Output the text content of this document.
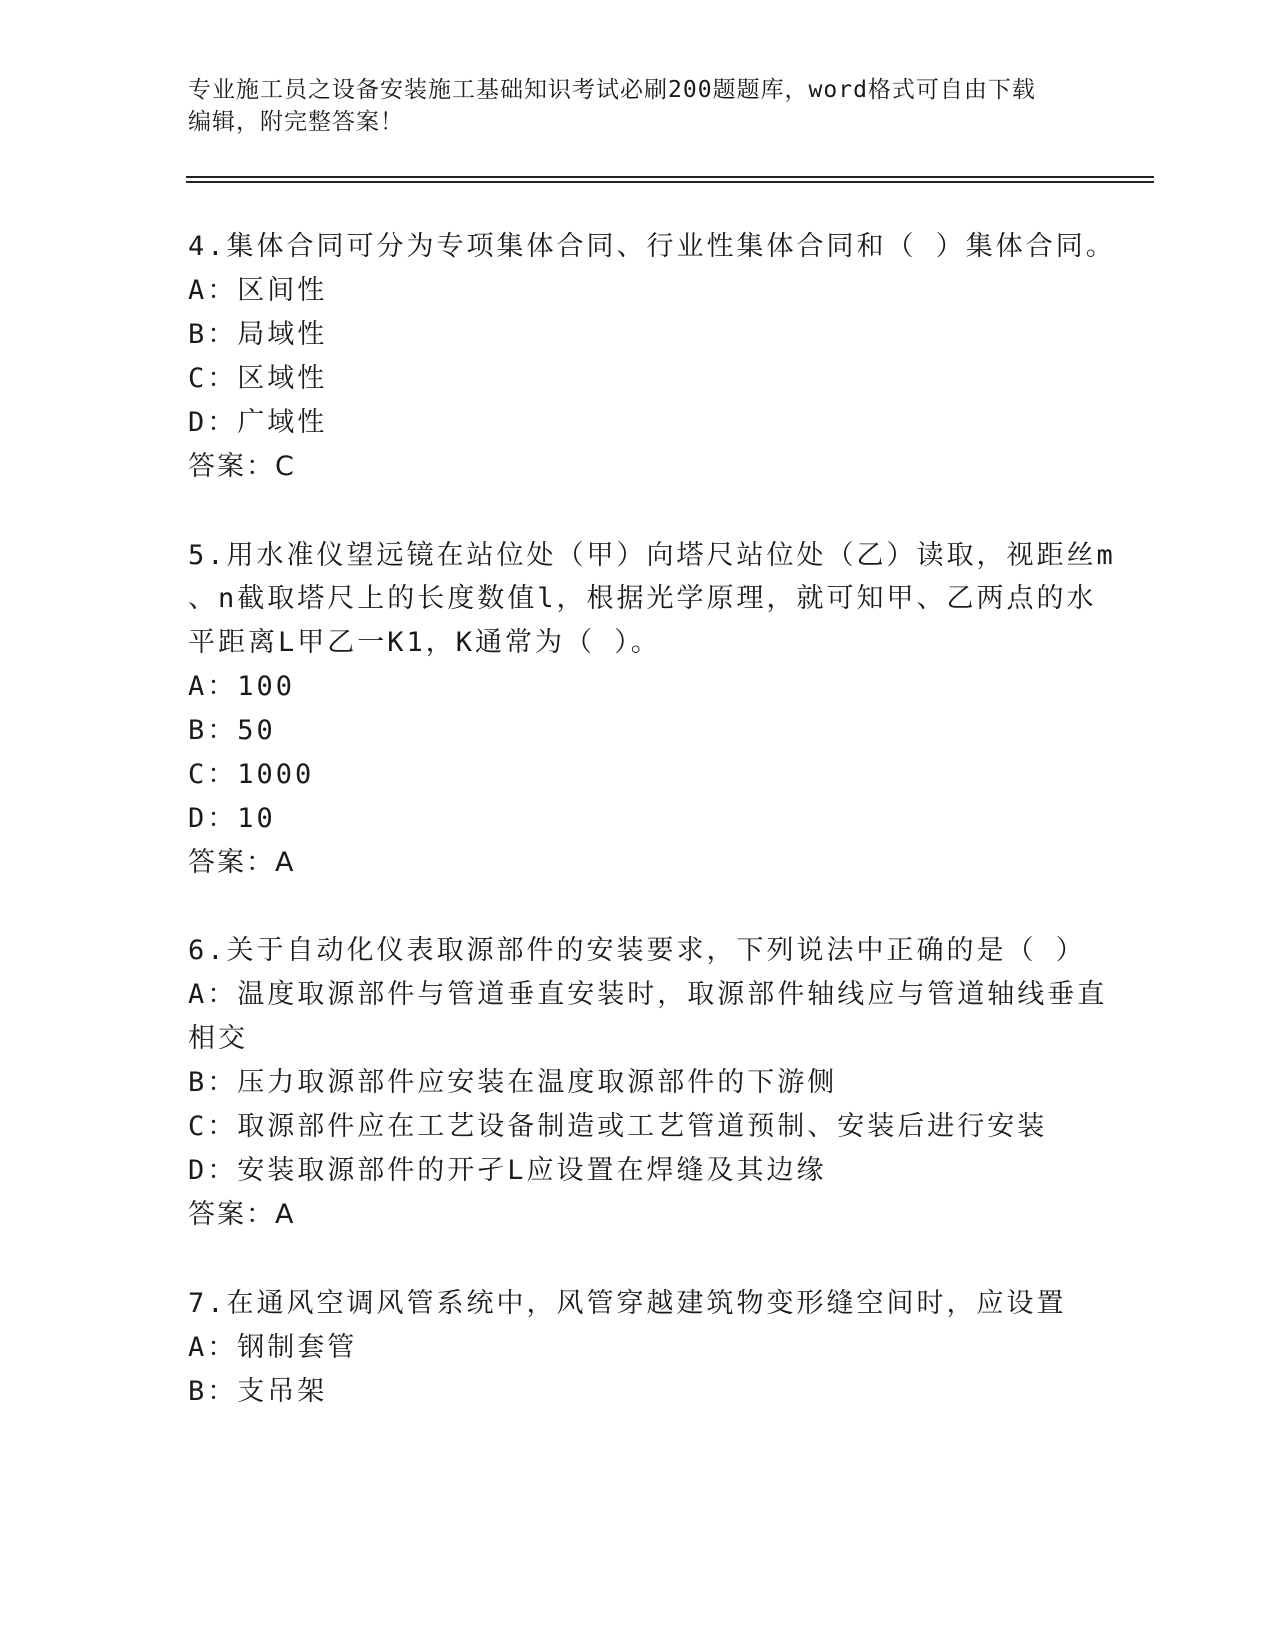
专业施工员之设备安装施工基础知识考试必刷200题题库，word格式可自由下载
编辑，附完整答案！
4.集体合同可分为专项集体合同、行业性集体合同和（ ）集体合同。
A：区间性
B：局域性
C：区域性
D：广域性
答案：C
5.用水准仪望远镜在站位处（甲）向塔尺站位处（乙）读取，视距丝m
、n截取塔尺上的长度数值l，根据光学原理，就可知甲、乙两点的水
平距离L甲乙一K1，K通常为（ ）。
A：100
B：50
C：1000
D：10
答案：A
6.关于自动化仪表取源部件的安装要求，下列说法中正确的是（ ）
A：温度取源部件与管道垂直安装时，取源部件轴线应与管道轴线垂直
相交
B：压力取源部件应安装在温度取源部件的下游侧
C：取源部件应在工艺设备制造或工艺管道预制、安装后进行安装
D：安装取源部件的开孑L应设置在焊缝及其边缘
答案：A
7.在通风空调风管系统中，风管穿越建筑物变形缝空间时，应设置
A：钢制套管
B：支吊架
